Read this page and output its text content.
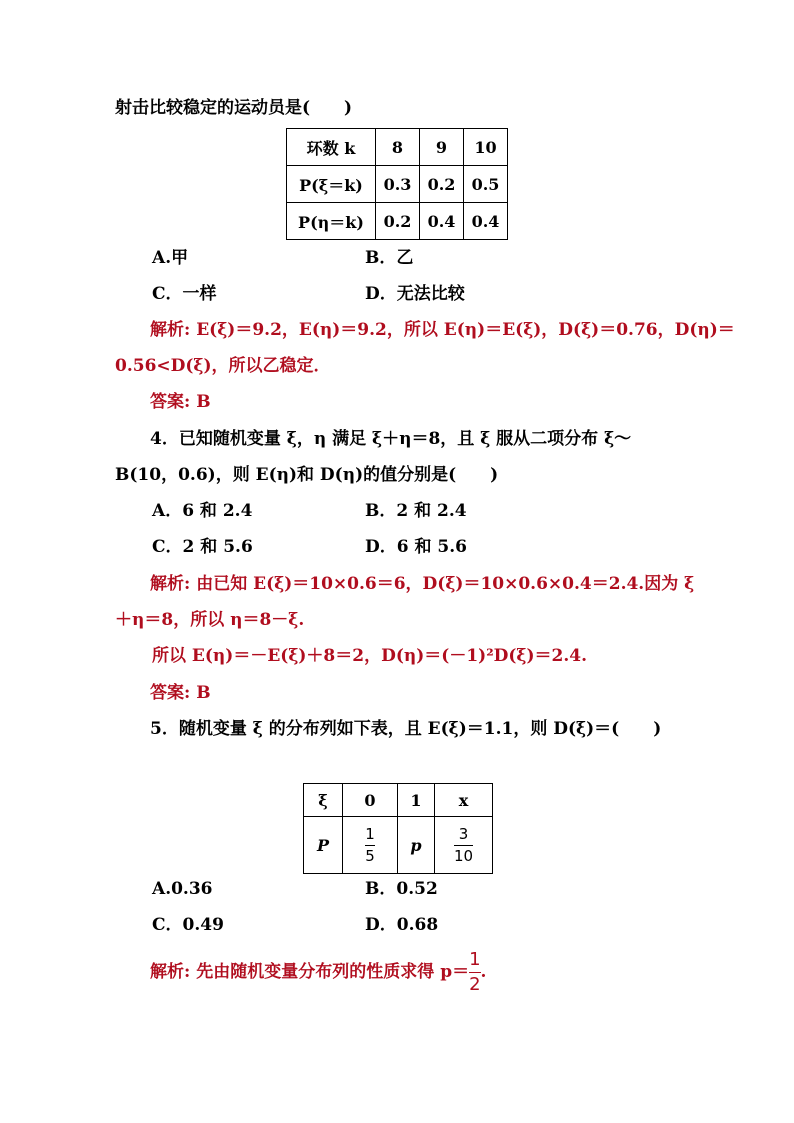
射击比较稳定的运动员是(　　)
环数 k	8	9	10
P(ξ＝k)	0.3	0.2	0.5
P(η＝k)	0.2	0.4	0.4
A.甲	B．乙
C．一样	D．无法比较
解析: E(ξ)＝9.2，E(η)＝9.2，所以 E(η)＝E(ξ)，D(ξ)＝0.76，D(η)＝
0.56<D(ξ)，所以乙稳定．
答案: B
4．已知随机变量 ξ，η 满足 ξ＋η＝8，且 ξ 服从二项分布 ξ～
B(10，0.6)，则 E(η)和 D(η)的值分别是(　　)
A．6 和 2.4	B．2 和 2.4
C．2 和 5.6	D．6 和 5.6
解析: 由已知 E(ξ)＝10×0.6＝6，D(ξ)＝10×0.6×0.4＝2.4.因为 ξ
＋η＝8，所以 η＝8－ξ.
所以 E(η)＝－E(ξ)＋8＝2，D(η)＝(－1)²D(ξ)＝2.4.
答案: B
5．随机变量 ξ 的分布列如下表，且 E(ξ)＝1.1，则 D(ξ)＝(　　)
ξ	0	1	x
P	$\frac{1}{5}$	p	$\frac{3}{10}$
A.0.36	B．0.52
C．0.49	D．0.68
解析: 先由随机变量分布列的性质求得 $p= \frac{1}{2}$ .
